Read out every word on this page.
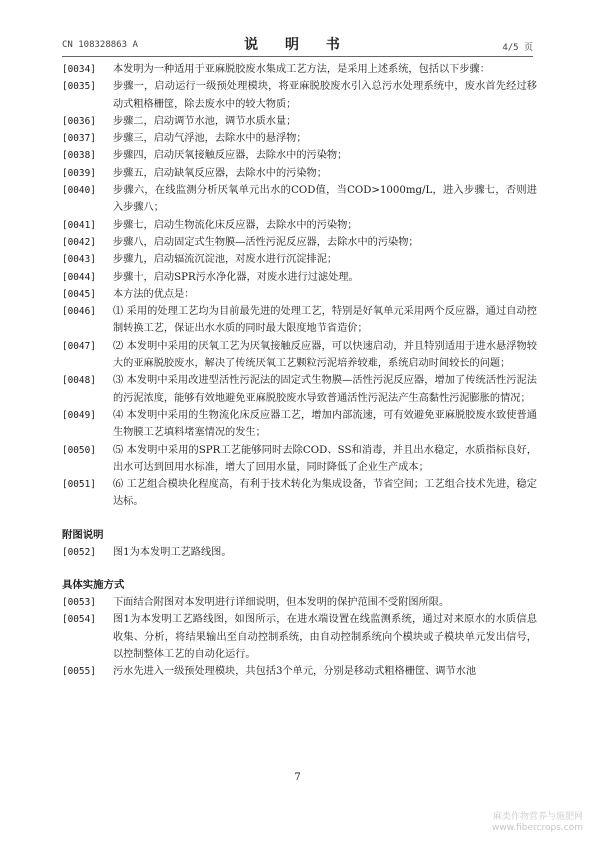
CN 108328863 A	说 明 书	4/5 页

[0034] 本发明为一种适用于亚麻脱胶废水集成工艺方法，是采用上述系统，包括以下步骤：

[0035] 步骤一，启动运行一级预处理模块，将亚麻脱胶废水引入总污水处理系统中，废水首先经过移动式粗格栅筐，除去废水中的较大物质；

[0036] 步骤二，启动调节水池，调节水质水量；

[0037] 步骤三，启动气浮池，去除水中的悬浮物；

[0038] 步骤四，启动厌氧接触反应器，去除水中的污染物；

[0039] 步骤五，启动缺氧反应器，去除水中的污染物；

[0040] 步骤六，在线监测分析厌氧单元出水的COD值，当COD>1000mg/L，进入步骤七，否则进入步骤八；

[0041] 步骤七，启动生物流化床反应器，去除水中的污染物；

[0042] 步骤八，启动固定式生物膜—活性污泥反应器，去除水中的污染物；

[0043] 步骤九，启动辐流沉淀池，对废水进行沉淀排泥；

[0044] 步骤十，启动SPR污水净化器，对废水进行过滤处理。

[0045] 本方法的优点是：

[0046] ⑴ 采用的处理工艺均为目前最先进的处理工艺，特别是好氧单元采用两个反应器，通过自动控制转换工艺，保证出水水质的同时最大限度地节省造价；

[0047] ⑵ 本发明中采用的厌氧工艺为厌氧接触反应器，可以快速启动，并且特别适用于进水悬浮物较大的亚麻脱胶废水，解决了传统厌氧工艺颗粒污泥培养较难，系统启动时间较长的问题；

[0048] ⑶ 本发明中采用改进型活性污泥法的固定式生物膜—活性污泥反应器，增加了传统活性污泥法的污泥浓度，能够有效地避免亚麻脱胶废水导致普通活性污泥法产生高黏性污泥膨胀的情况；

[0049] ⑷ 本发明中采用的生物流化床反应器工艺，增加内部流速，可有效避免亚麻脱胶废水致使普通生物膜工艺填料堵塞情况的发生；

[0050] ⑸ 本发明中采用的SPR工艺能够同时去除COD、SS和消毒，并且出水稳定，水质指标良好，出水可达到回用水标准，增大了回用水量，同时降低了企业生产成本；

[0051] ⑹ 工艺组合模块化程度高，有利于技术转化为集成设备，节省空间；工艺组合技术先进，稳定达标。

附图说明

[0052] 图1为本发明工艺路线图。

具体实施方式

[0053] 下面结合附图对本发明进行详细说明，但本发明的保护范围不受附图所限。

[0054] 图1为本发明工艺路线图，如图所示，在进水端设置在线监测系统，通过对来原水的水质信息收集、分析，将结果输出至自动控制系统，由自动控制系统向个模块或子模块单元发出信号，以控制整体工艺的自动化运行。

[0055] 污水先进入一级预处理模块，共包括3个单元，分别是移动式粗格栅筐、调节水池

7
麻类作物营养与施肥网
www.fibercrops.com
